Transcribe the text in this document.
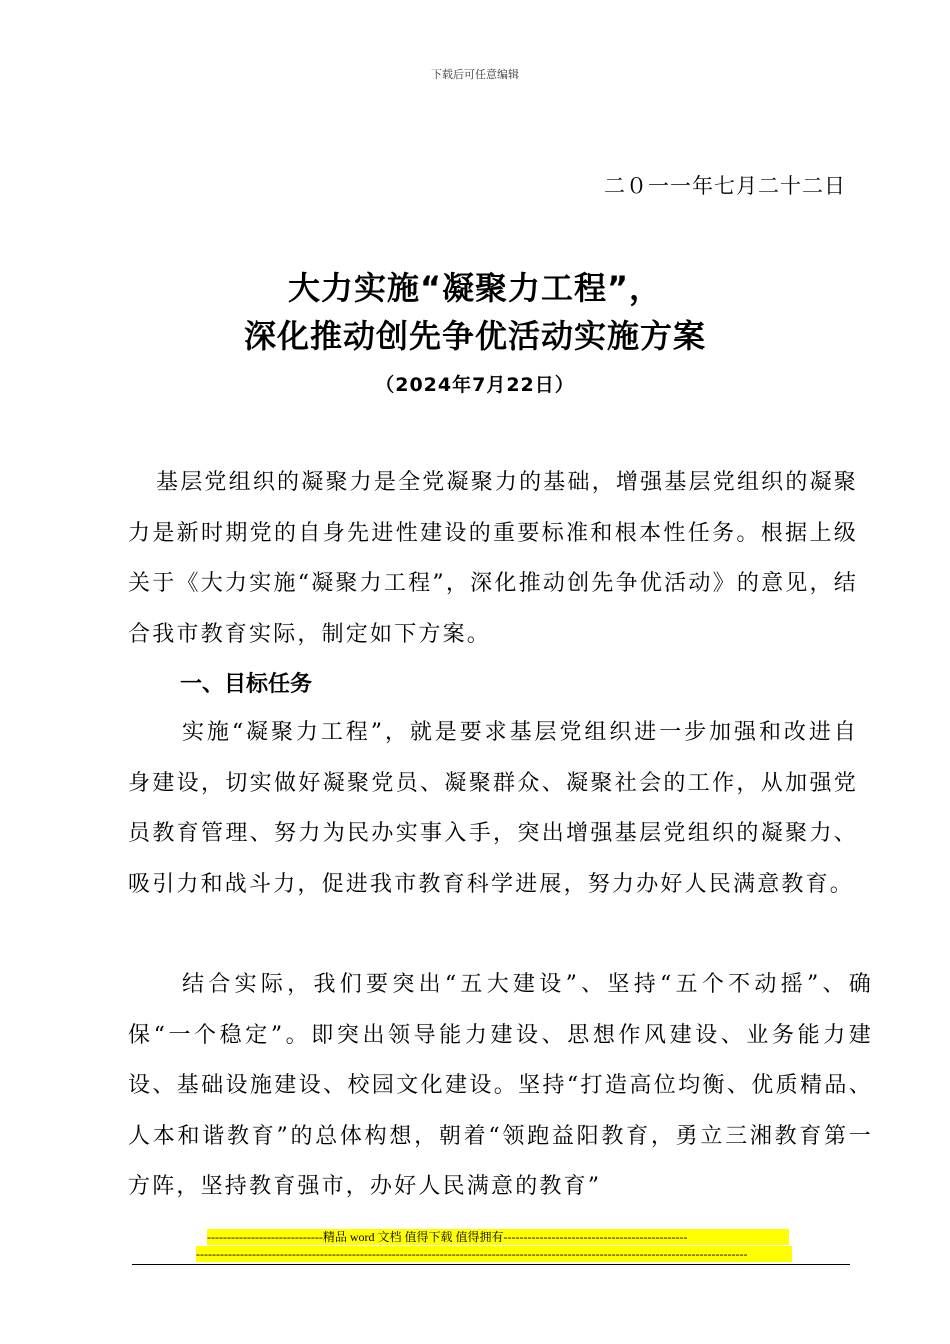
下载后可任意编辑
二０一一年七月二十二日
大力实施“凝聚力工程”，
深化推动创先争优活动实施方案
（2024年7月22日）
基层党组织的凝聚力是全党凝聚力的基础，增强基层党组织的凝聚力是新时期党的自身先进性建设的重要标准和根本性任务。根据上级关于《大力实施“凝聚力工程”，深化推动创先争优活动》的意见，结合我市教育实际，制定如下方案。
一、目标任务
实施“凝聚力工程”，就是要求基层党组织进一步加强和改进自身建设，切实做好凝聚党员、凝聚群众、凝聚社会的工作，从加强党员教育管理、努力为民办实事入手，突出增强基层党组织的凝聚力、吸引力和战斗力，促进我市教育科学进展，努力办好人民满意教育。
结合实际，我们要突出“五大建设”、坚持“五个不动摇”、确保“一个稳定”。即突出领导能力建设、思想作风建设、业务能力建设、基础设施建设、校园文化建设。坚持“打造高位均衡、优质精品、人本和谐教育”的总体构想，朝着“领跑益阳教育，勇立三湘教育第一方阵，坚持教育强市，办好人民满意的教育”
-----------------------------精品 word 文档 值得下载 值得拥有----------------------------------------------
------------------------------------------------------------------------------------------------------------------------------------------
